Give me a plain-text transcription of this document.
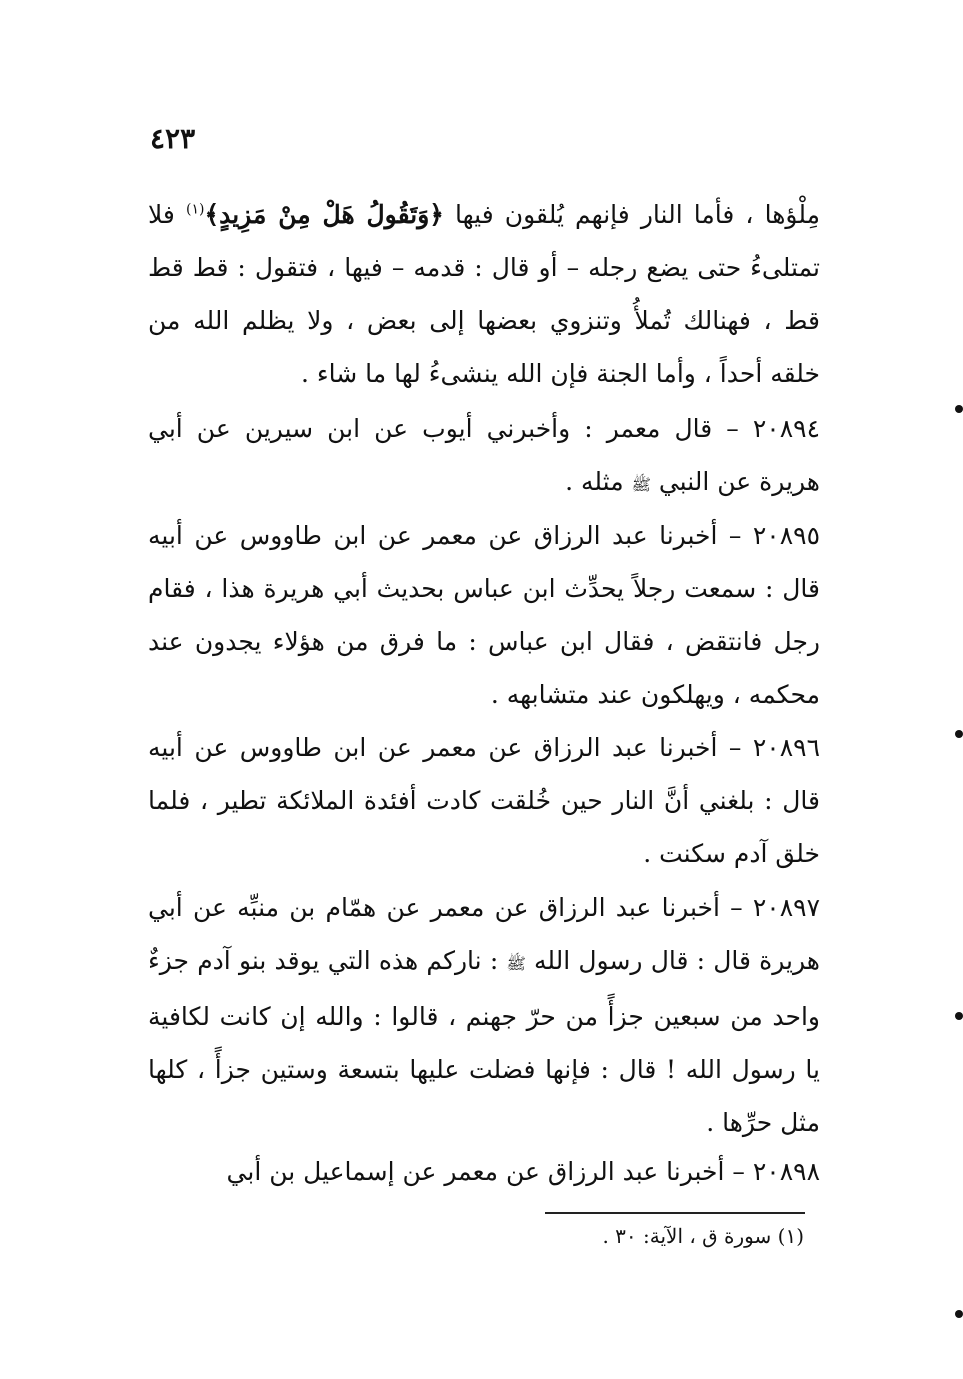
٤٢٣

مِلْؤها ، فأما النار فإنهم يُلقون فيها ﴿وَتَقُولُ هَلْ مِنْ مَزِيدٍ﴾$^{(١)}$ فلا تمتلىءُ حتى يضع رجله – أو قال : قدمه – فيها ، فتقول : قط قط قط ، فهنالك تُملأُ وتنزوي بعضها إلى بعض ، ولا يظلم الله من خلقه أحداً ، وأما الجنة فإن الله ينشىءُ لها ما شاء .

٢٠٨٩٤ – قال معمر : وأخبرني أيوب عن ابن سيرين عن أبي هريرة عن النبي ﷺ مثله .

٢٠٨٩٥ – أخبرنا عبد الرزاق عن معمر عن ابن طاووس عن أبيه قال : سمعت رجلاً يحدِّث ابن عباس بحديث أبي هريرة هذا ، فقام رجل فانتقض ، فقال ابن عباس : ما فرق من هؤلاء يجدون عند محكمه ، ويهلكون عند متشابهه .

٢٠٨٩٦ – أخبرنا عبد الرزاق عن معمر عن ابن طاووس عن أبيه قال : بلغني أنَّ النار حين خُلقت كادت أفئدة الملائكة تطير ، فلما خلق آدم سكنت .

٢٠٨٩٧ – أخبرنا عبد الرزاق عن معمر عن همّام بن منبِّه عن أبي هريرة قال : قال رسول الله ﷺ : ناركم هذه التي يوقد بنو آدم جزءٌ واحد من سبعين جزأً من حرّ جهنم ، قالوا : والله إن كانت لكافية يا رسول الله ! قال : فإنها فضلت عليها بتسعة وستين جزأً ، كلها مثل حرِّها .

٢٠٨٩٨ – أخبرنا عبد الرزاق عن معمر عن إسماعيل بن أبي

(١) سورة ق ، الآية: ٣٠ .
